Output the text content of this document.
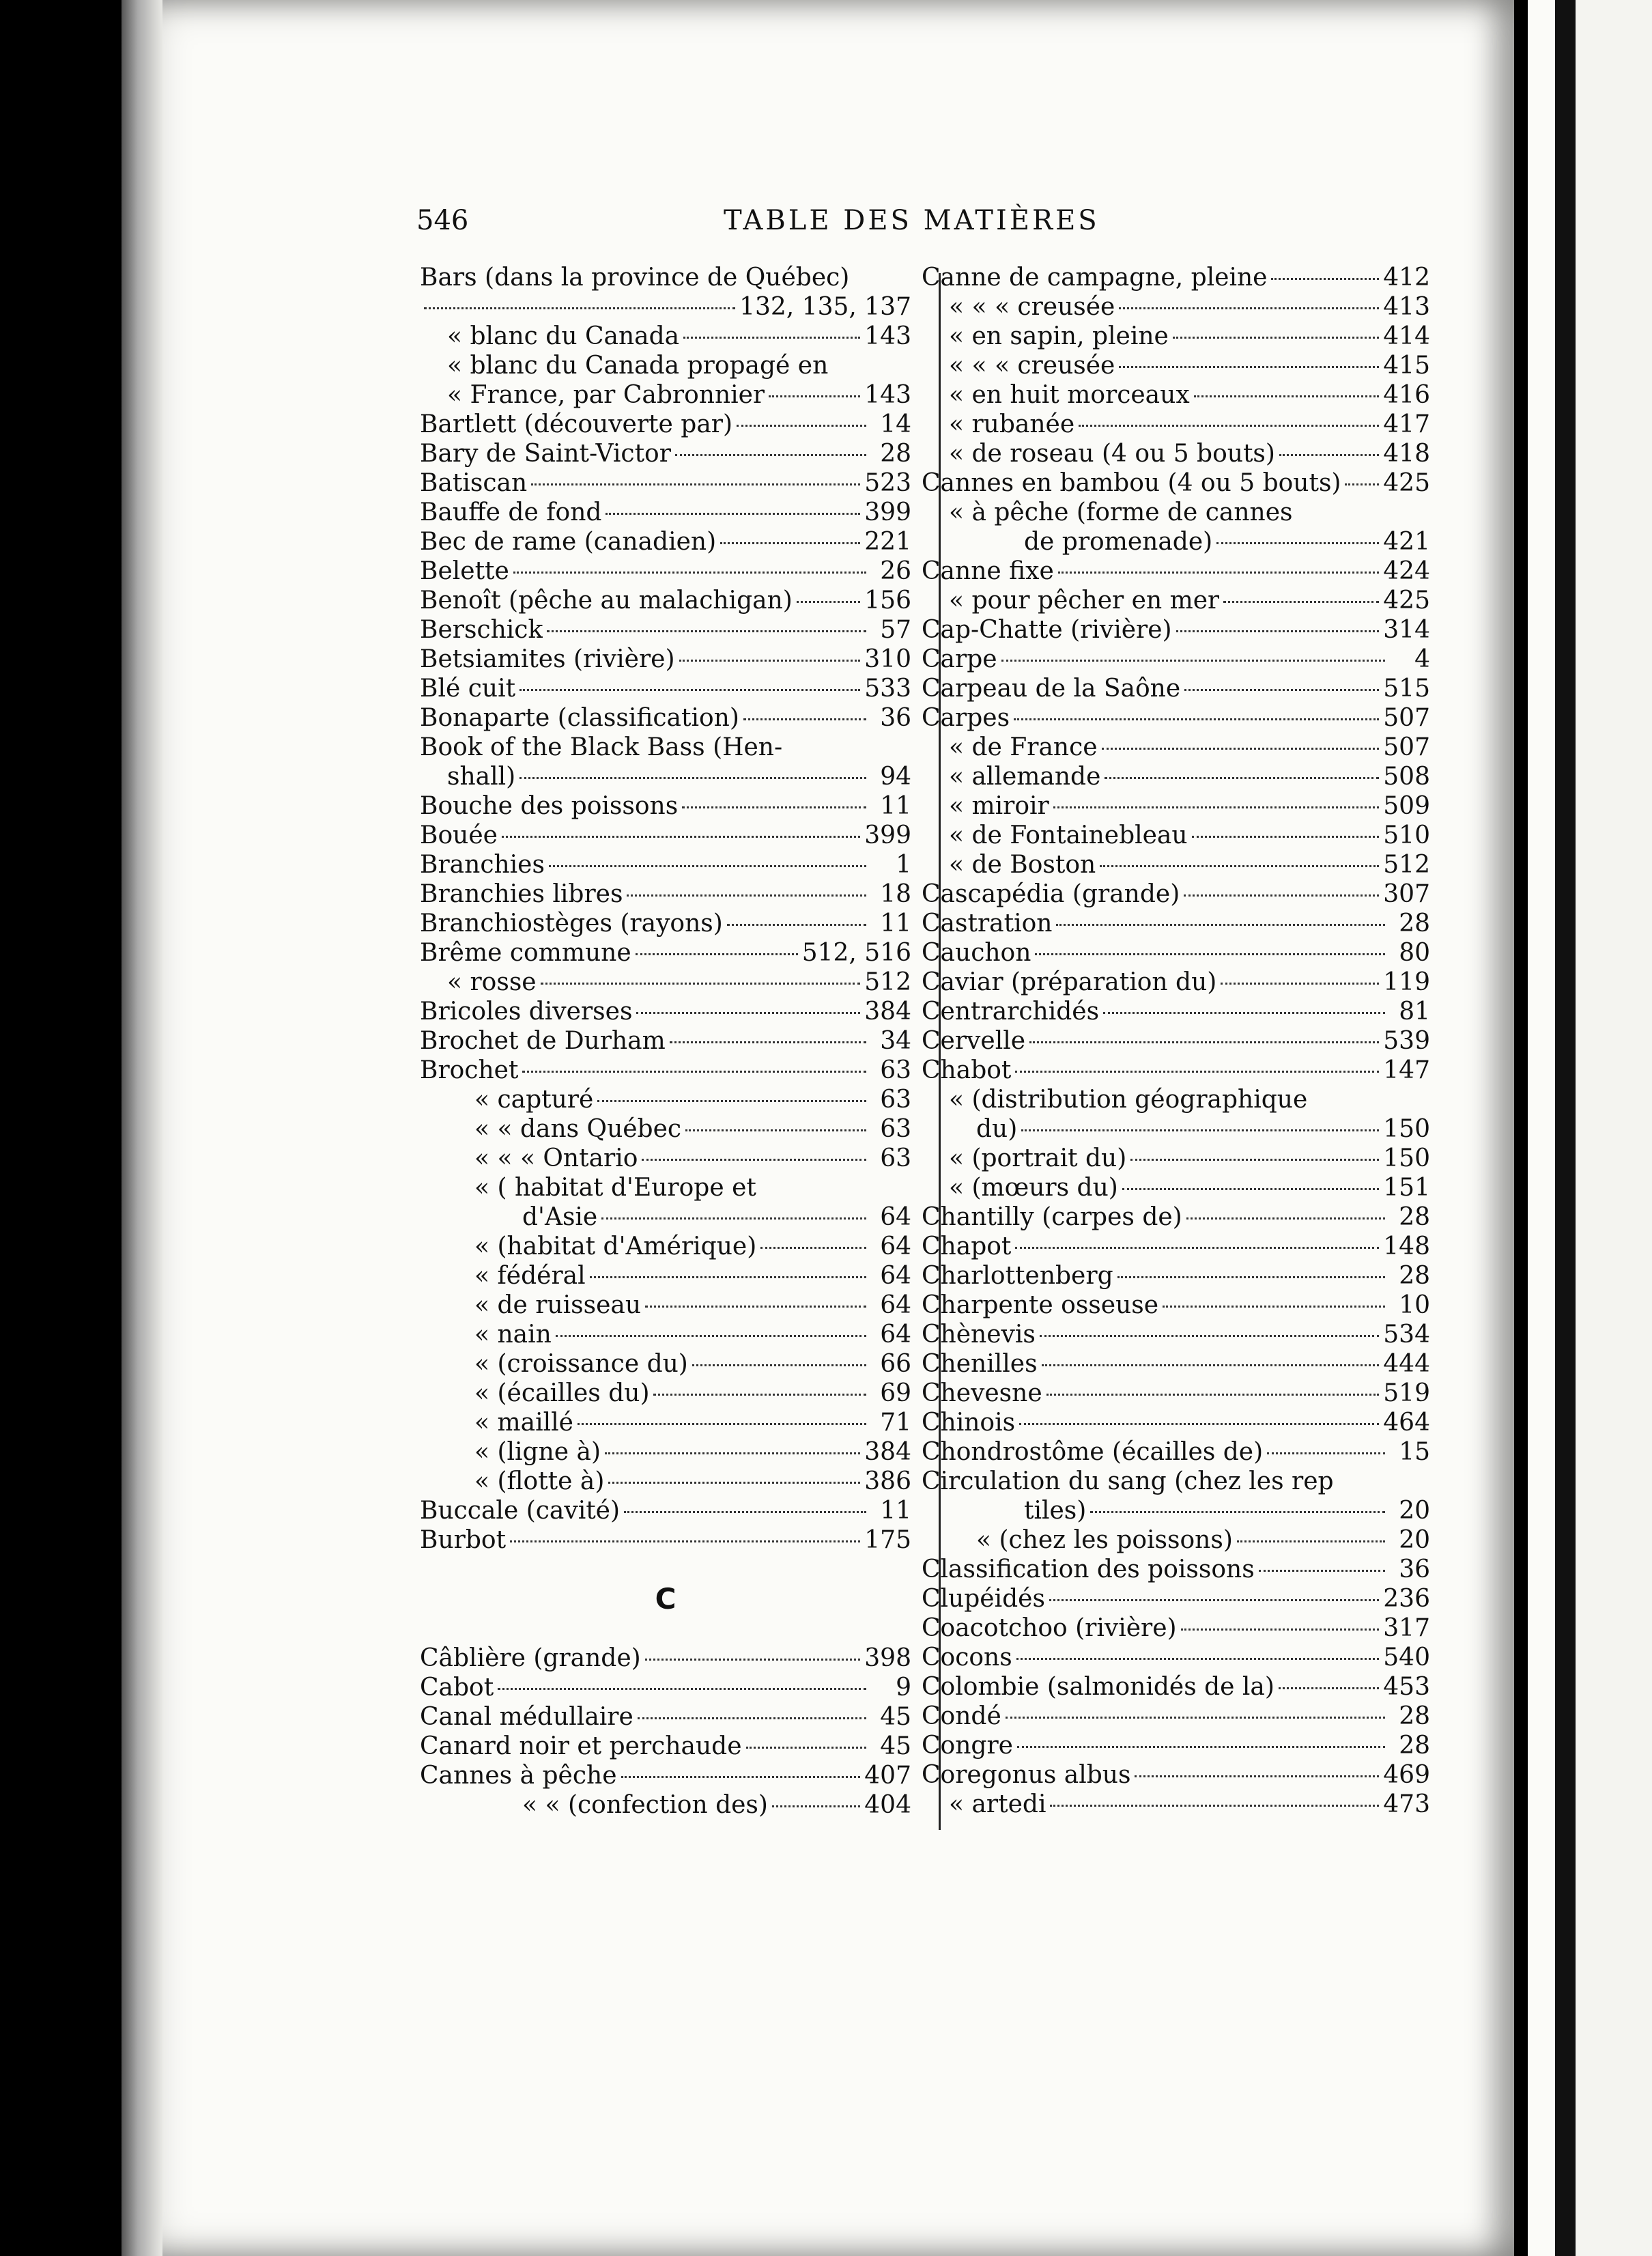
546	TABLE DES MATIÈRES
Bars (dans la province de Québec)
132, 135, 137
« blanc du Canada	143
« blanc du Canada propagé en
« France, par Cabronnier	143
Bartlett (découverte par)	14
Bary de Saint-Victor	28
Batiscan	523
Bauffe de fond	399
Bec de rame (canadien)	221
Belette	26
Benoît (pêche au malachigan)	156
Berschick	57
Betsiamites (rivière)	310
Blé cuit	533
Bonaparte (classification)	36
Book of the Black Bass (Hen-
shall)	94
Bouche des poissons	11
Bouée	399
Branchies	1
Branchies libres	18
Branchiostèges (rayons)	11
Brême commune	512, 516
« rosse	512
Bricoles diverses	384
Brochet de Durham	34
Brochet	63
« capturé	63
« « dans Québec	63
« « « Ontario	63
« ( habitat d'Europe et
d'Asie	64
« (habitat d'Amérique)	64
« fédéral	64
« de ruisseau	64
« nain	64
« (croissance du)	66
« (écailles du)	69
« maillé	71
« (ligne à)	384
« (flotte à)	386
Buccale (cavité)	11
Burbot	175
C
Câblière (grande)	398
Cabot	9
Canal médullaire	45
Canard noir et perchaude	45
Cannes à pêche	407
« « (confection des)	404
Canne de campagne, pleine	412
« « « creusée	413
« en sapin, pleine	414
« « « creusée	415
« en huit morceaux	416
« rubanée	417
« de roseau (4 ou 5 bouts)	418
Cannes en bambou (4 ou 5 bouts) 425
« à pêche (forme de cannes
de promenade)	421
Canne fixe	424
« pour pêcher en mer	425
Cap-Chatte (rivière)	314
Carpe	4
Carpeau de la Saône	515
Carpes	507
« de France	507
« allemande	508
« miroir	509
« de Fontainebleau	510
« de Boston	512
Cascapédia (grande)	307
Castration	28
Cauchon	80
Caviar (préparation du)	119
Centrarchidés	81
Cervelle	539
Chabot	147
« (distribution géographique
du)	150
« (portrait du)	150
« (mœurs du)	151
Chantilly (carpes de)	28
Chapot	148
Charlottenberg	28
Charpente osseuse	10
Chènevis	534
Chenilles	444
Chevesne	519
Chinois	464
Chondrostôme (écailles de)	15
Circulation du sang (chez les rep
tiles)	20
« (chez les poissons)	20
Classification des poissons	36
Clupéidés	236
Coacotchoo (rivière)	317
Cocons	540
Colombie (salmonidés de la)	453
Condé	28
Congre	28
Coregonus albus	469
« artedi	473
